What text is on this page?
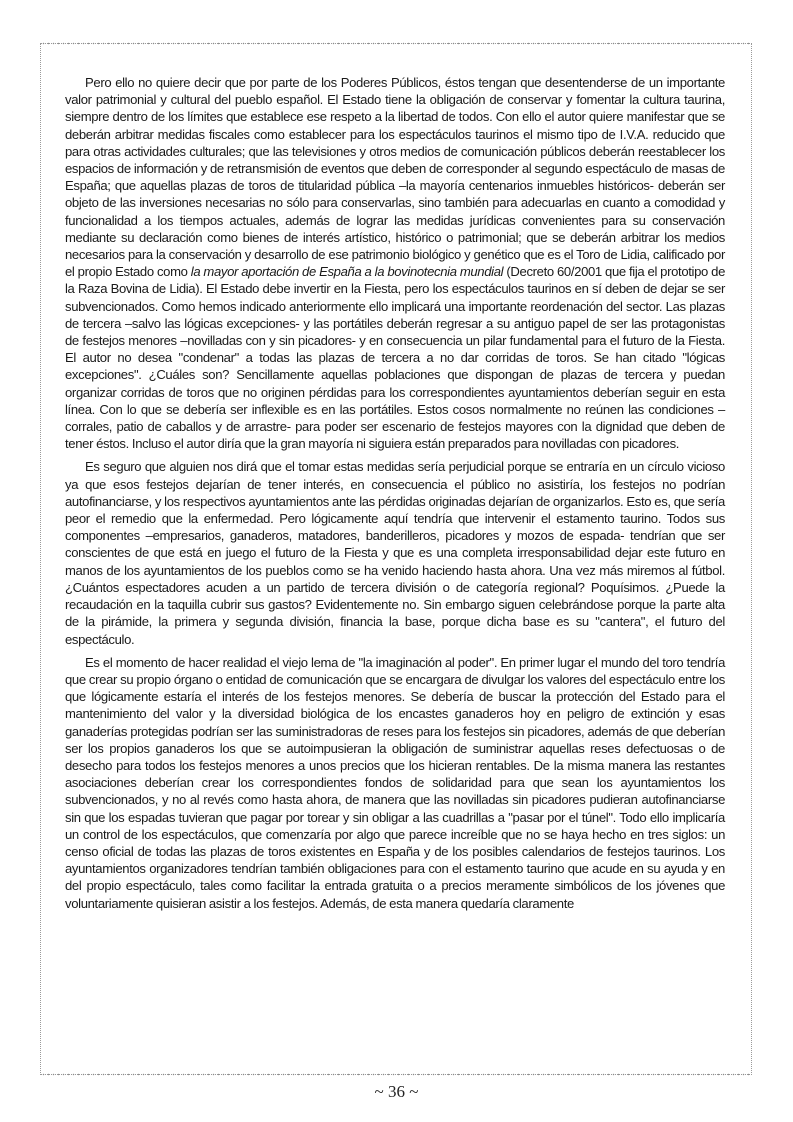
Pero ello no quiere decir que por parte de los Poderes Públicos, éstos tengan que desentenderse de un importante valor patrimonial y cultural del pueblo español. El Estado tiene la obligación de conservar y fomentar la cultura taurina, siempre dentro de los límites que establece ese respeto a la libertad de todos. Con ello el autor quiere manifestar que se deberán arbitrar medidas fiscales como establecer para los espectáculos taurinos el mismo tipo de I.V.A. reducido que para otras actividades culturales; que las televisiones y otros medios de comunicación públicos deberán reestablecer los espacios de información y de retransmisión de eventos que deben de corresponder al segundo espectáculo de masas de España; que aquellas plazas de toros de titularidad pública –la mayoría centenarios inmuebles históricos- deberán ser objeto de las inversiones necesarias no sólo para conservarlas, sino también para adecuarlas en cuanto a comodidad y funcionalidad a los tiempos actuales, además de lograr las medidas jurídicas convenientes para su conservación mediante su declaración como bienes de interés artístico, histórico o patrimonial; que se deberán arbitrar los medios necesarios para la conservación y desarrollo de ese patrimonio biológico y genético que es el Toro de Lidia, calificado por el propio Estado como la mayor aportación de España a la bovinotecnia mundial (Decreto 60/2001 que fija el prototipo de la Raza Bovina de Lidia). El Estado debe invertir en la Fiesta, pero los espectáculos taurinos en sí deben de dejar se ser subvencionados. Como hemos indicado anteriormente ello implicará una importante reordenación del sector. Las plazas de tercera –salvo las lógicas excepciones- y las portátiles deberán regresar a su antiguo papel de ser las protagonistas de festejos menores –novilladas con y sin picadores- y en consecuencia un pilar fundamental para el futuro de la Fiesta. El autor no desea "condenar" a todas las plazas de tercera a no dar corridas de toros. Se han citado "lógicas excepciones". ¿Cuáles son? Sencillamente aquellas poblaciones que dispongan de plazas de tercera y puedan organizar corridas de toros que no originen pérdidas para los correspondientes ayuntamientos deberían seguir en esta línea. Con lo que se debería ser inflexible es en las portátiles. Estos cosos normalmente no reúnen las condiciones –corrales, patio de caballos y de arrastre- para poder ser escenario de festejos mayores con la dignidad que deben de tener éstos. Incluso el autor diría que la gran mayoría ni siguiera están preparados para novilladas con picadores.

Es seguro que alguien nos dirá que el tomar estas medidas sería perjudicial porque se entraría en un círculo vicioso ya que esos festejos dejarían de tener interés, en consecuencia el público no asistiría, los festejos no podrían autofinanciarse, y los respectivos ayuntamientos ante las pérdidas originadas dejarían de organizarlos. Esto es, que sería peor el remedio que la enfermedad. Pero lógicamente aquí tendría que intervenir el estamento taurino. Todos sus componentes –empresarios, ganaderos, matadores, banderilleros, picadores y mozos de espada- tendrían que ser conscientes de que está en juego el futuro de la Fiesta y que es una completa irresponsabilidad dejar este futuro en manos de los ayuntamientos de los pueblos como se ha venido haciendo hasta ahora. Una vez más miremos al fútbol. ¿Cuántos espectadores acuden a un partido de tercera división o de categoría regional? Poquísimos. ¿Puede la recaudación en la taquilla cubrir sus gastos? Evidentemente no. Sin embargo siguen celebrándose porque la parte alta de la pirámide, la primera y segunda división, financia la base, porque dicha base es su "cantera", el futuro del espectáculo.

Es el momento de hacer realidad el viejo lema de "la imaginación al poder". En primer lugar el mundo del toro tendría que crear su propio órgano o entidad de comunicación que se encargara de divulgar los valores del espectáculo entre los que lógicamente estaría el interés de los festejos menores. Se debería de buscar la protección del Estado para el mantenimiento del valor y la diversidad biológica de los encastes ganaderos hoy en peligro de extinción y esas ganaderías protegidas podrían ser las suministradoras de reses para los festejos sin picadores, además de que deberían ser los propios ganaderos los que se autoimpusieran la obligación de suministrar aquellas reses defectuosas o de desecho para todos los festejos menores a unos precios que los hicieran rentables. De la misma manera las restantes asociaciones deberían crear los correspondientes fondos de solidaridad para que sean los ayuntamientos los subvencionados, y no al revés como hasta ahora, de manera que las novilladas sin picadores pudieran autofinanciarse sin que los espadas tuvieran que pagar por torear y sin obligar a las cuadrillas a "pasar por el túnel". Todo ello implicaría un control de los espectáculos, que comenzaría por algo que parece increíble que no se haya hecho en tres siglos: un censo oficial de todas las plazas de toros existentes en España y de los posibles calendarios de festejos taurinos. Los ayuntamientos organizadores tendrían también obligaciones para con el estamento taurino que acude en su ayuda y en del propio espectáculo, tales como facilitar la entrada gratuita o a precios meramente simbólicos de los jóvenes que voluntariamente quisieran asistir a los festejos. Además, de esta manera quedaría claramente

~ 36 ~
